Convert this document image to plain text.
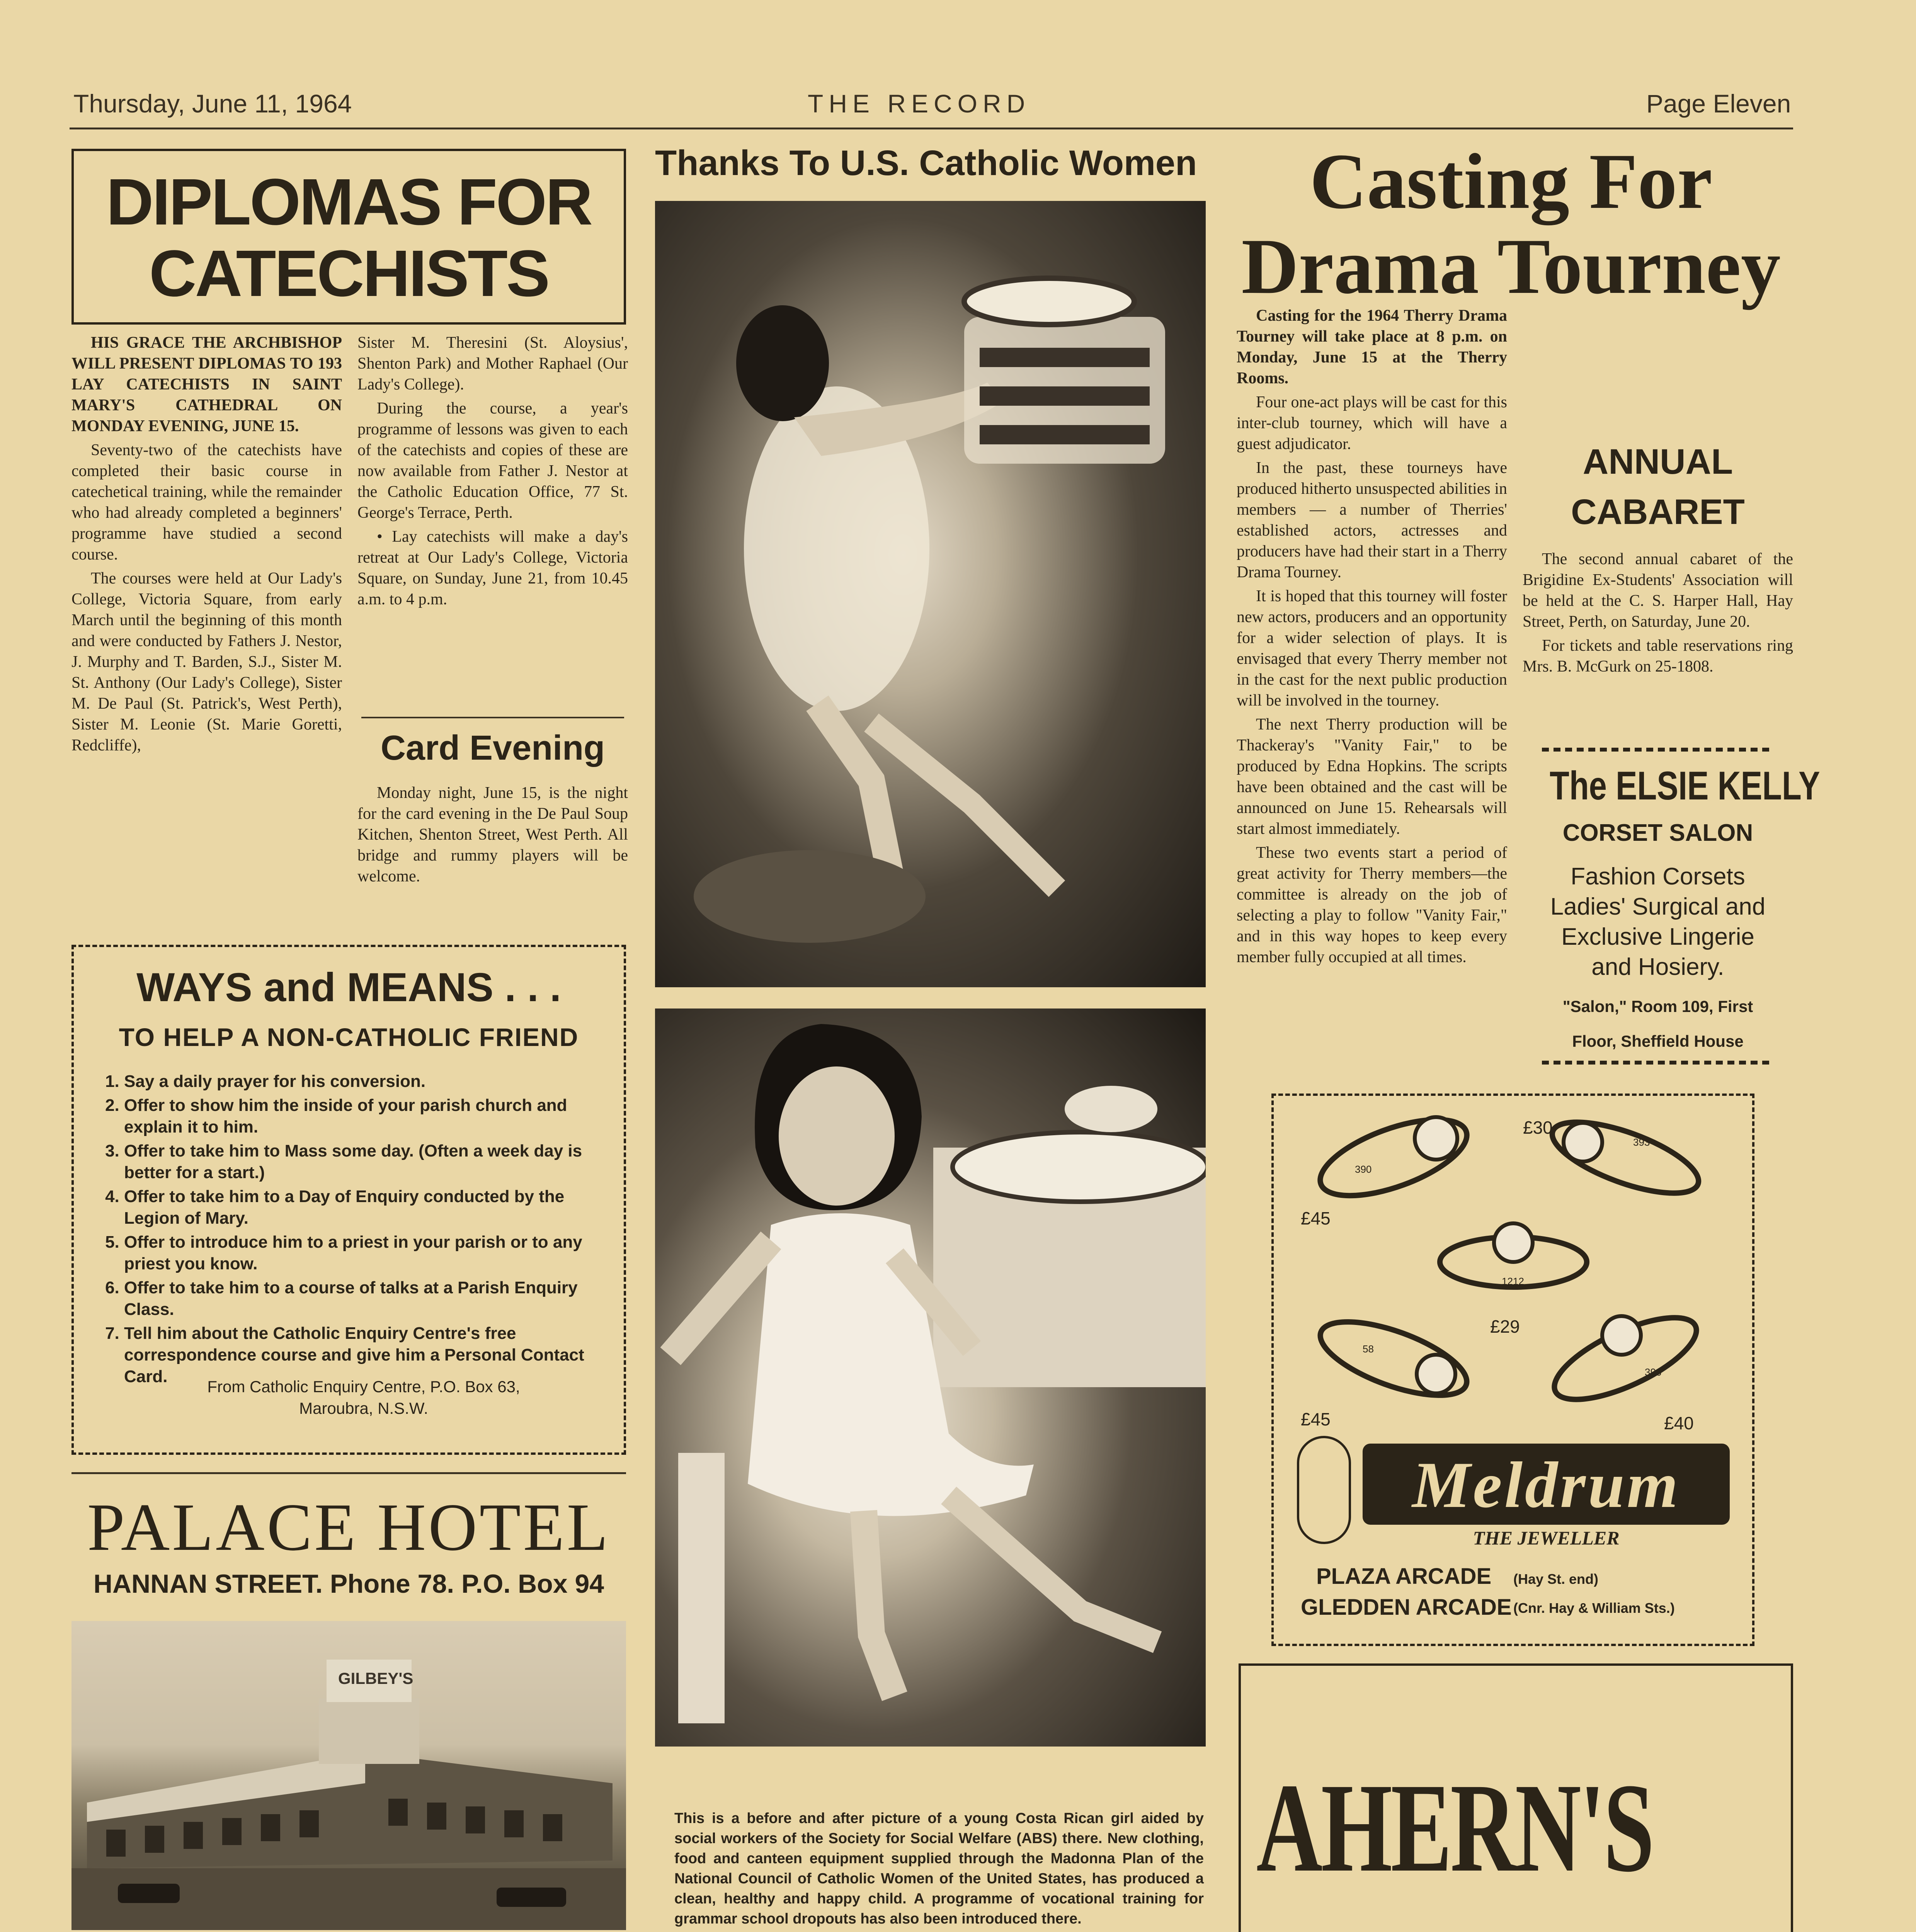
Thursday, June 11, 1964	THE RECORD	Page Eleven
DIPLOMAS FOR
CATECHISTS

HIS GRACE THE ARCHBISHOP WILL PRESENT DIPLOMAS TO 193 LAY CATECHISTS IN SAINT MARY'S CATHEDRAL ON MONDAY EVENING, JUNE 15.

Seventy-two of the catechists have completed their basic course in catechetical training, while the remainder who had already completed a beginners' programme have studied a second course.

The courses were held at Our Lady's College, Victoria Square, from early March until the beginning of this month and were conducted by Fathers J. Nestor, J. Murphy and T. Barden, S.J., Sister M. St. Anthony (Our Lady's College), Sister M. De Paul (St. Patrick's, West Perth), Sister M. Leonie (St. Marie Goretti, Redcliffe),

Sister M. Theresini (St. Aloysius', Shenton Park) and Mother Raphael (Our Lady's College).

During the course, a year's programme of lessons was given to each of the catechists and copies of these are now available from Father J. Nestor at the Catholic Education Office, 77 St. George's Terrace, Perth.

• Lay catechists will make a day's retreat at Our Lady's College, Victoria Square, on Sunday, June 21, from 10.45 a.m. to 4 p.m.

Card Evening

Monday night, June 15, is the night for the card evening in the De Paul Soup Kitchen, Shenton Street, West Perth. All bridge and rummy players will be welcome.

WAYS and MEANS . . .
TO HELP A NON-CATHOLIC FRIEND
1. Say a daily prayer for his conversion.
2. Offer to show him the inside of your parish church and explain it to him.
3. Offer to take him to Mass some day. (Often a week day is better for a start.)
4. Offer to take him to a Day of Enquiry conducted by the Legion of Mary.
5. Offer to introduce him to a priest in your parish or to any priest you know.
6. Offer to take him to a course of talks at a Parish Enquiry Class.
7. Tell him about the Catholic Enquiry Centre's free correspondence course and give him a Personal Contact Card.
From Catholic Enquiry Centre, P.O. Box 63, Maroubra, N.S.W.
PALACE HOTEL
HANNAN STREET. Phone 78. P.O. Box 94
GILBEY'S
Thanks To U.S. Catholic Women
This is a before and after picture of a young Costa Rican girl aided by social workers of the Society for Social Welfare (ABS) there. New clothing, food and canteen equipment supplied through the Madonna Plan of the National Council of Catholic Women of the United States, has produced a clean, healthy and happy child. A programme of vocational training for grammar school dropouts has also been introduced there.

Casting For
Drama Tourney

Casting for the 1964 Therry Drama Tourney will take place at 8 p.m. on Monday, June 15 at the Therry Rooms.

Four one-act plays will be cast for this inter-club tourney, which will have a guest adjudicator.

In the past, these tourneys have produced hitherto unsuspected abilities in members — a number of Therries' established actors, actresses and producers have had their start in a Therry Drama Tourney.

It is hoped that this tourney will foster new actors, producers and an opportunity for a wider selection of plays. It is envisaged that every Therry member not in the cast for the next public production will be involved in the tourney.

The next Therry production will be Thackeray's "Vanity Fair," to be produced by Edna Hopkins. The scripts have been obtained and the cast will be announced on June 15. Rehearsals will start almost immediately.

These two events start a period of great activity for Therry members—the committee is already on the job of selecting a play to follow "Vanity Fair," and in this way hopes to keep every member fully occupied at all times.

ANNUAL
CABARET

The second annual cabaret of the Brigidine Ex-Students' Association will be held at the C. S. Harper Hall, Hay Street, Perth, on Saturday, June 20.

For tickets and table reservations ring Mrs. B. McGurk on 25-1808.

The ELSIE KELLY
CORSET SALON
Fashion Corsets
Ladies' Surgical and
Exclusive Lingerie
and Hosiery.
"Salon," Room 109, First
Floor, Sheffield House
£30
£45
£29
£45	£40
390
393
1212
58
396
Meldrum
THE JEWELLER
PLAZA ARCADE (Hay St. end)
GLEDDEN ARCADE (Cnr. Hay & William Sts.)
AHERN'S
